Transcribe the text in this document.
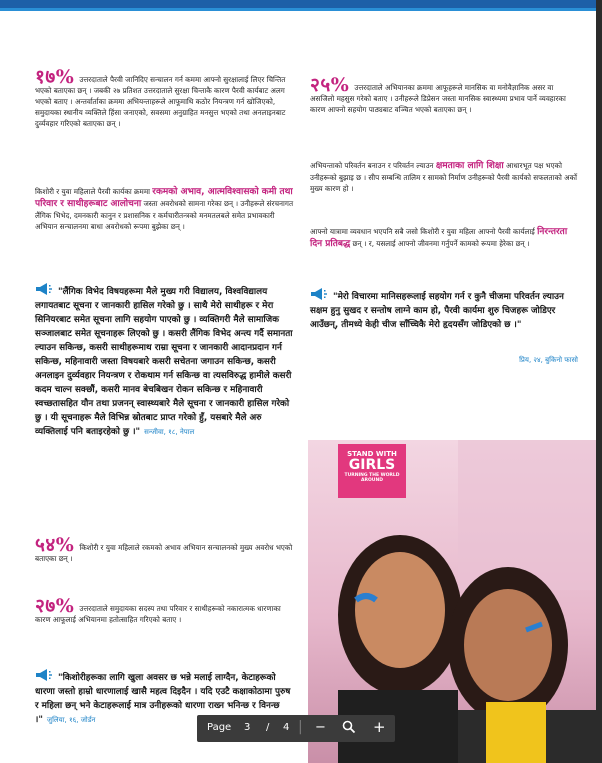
१७% उत्तरदाताले पैरवी जानिदिए सन्चालन गर्न कममा आफ्नो सुरक्षालाई लिएर चिन्तित भएको बताएका छन् । जबकी २७ प्रतिशत उत्तरदाताले सुरक्षा चिन्ताकै कारण पैरवी कार्यबाट अलग भएको बताए । अन्तर्वार्ताका क्रममा अभियन्ताहरूले आफूमाथि कठोर नियन्त्रण गर्न खोजिएको, समुदायका स्थानीय व्यक्तिले हिंसा जनाएको, सवसमा अनुग्राहित मनसुत्त भएको तथा अनलाइनबाट दुर्व्यवहार गरिएको बताएका छन् ।
किशोरी र युवा महिलाले पैरवी कार्यका क्रममा रकमको अभाव, आत्मविश्वासको कमी तथा परिवार र साथीहरूबाट आलोचना जस्ता अवरोधको सामना गरेका छन् । उनीहरूले संरचनागत लैंगिक भिभेद, दमनकारी कानुन र प्रशासनिक र कर्मचारीतन्त्रको मनमतलबले समेत प्रभावकारी अभियान सन्चालनमा बाधा अवरोधको रूपमा बुझेका छन् ।
"लैंगिक विभेद विषयहरूमा मैले मुख्य गरी विद्यालय, विश्वविद्यालय लगायतबाट सूचना र जानकारी हासिल गरेको छु । साथै मेरो साथीहरू र मेरा सिनियरबाट समेत सूचना लागि सहयोग पाएको छु । व्यक्तिगरी मैले सामाजिक सञ्जालबाट समेत सूचनाहरू लिएको छु । कसरी लैंगिक विभेद अन्त्य गर्दै समानता ल्याउन सकिन्छ, कसरी साथीहरूमाथ राम्रा सूचना र जानकारी आदानप्रदान गर्न सकिन्छ, महिनावारी जस्ता विषयबारे कसरी सचेतना जगाउन सकिन्छ, कसरी अनलाइन दुर्व्यवहार नियन्त्रण र रोकथाम गर्न सकिन्छ वा त्यसविरुद्ध हामीले कसरी कदम चाल्न सक्छौं, कसरी मानव बेचबिखन रोकन सकिन्छ र महिनावारी स्वच्छतासहित यौन तथा प्रजनन् स्वास्थ्यबारे मैले सूचना र जानकारी हासिल गरेको छु । यी सूचनाहरू मैले विभिन्न स्रोतबाट प्राप्त गरेको हुँ, यसबारे मैले अरु व्यक्तिलाई पनि बताइरहेको छु ।" सन्जीवा, १८, नेपाल
५४% किशोरी र युवा महिलाले रकमको अभाव अभियान सन्चालनको मुख्य अवरोध भएको बताएका छन् ।
२७% उत्तरदाताले समुदायका सदस्य तथा परिवार र साथीहरूको नकारात्मक धारणाका कारण आफूलाई अभियानमा हतोत्साहित गरिएको बताए ।
"किशोरीहरूका लागि खुला अवसर छ भन्ने मलाई लाग्दैन, केटाहरूको धारणा जस्तो हाम्रो धारणालाई खासै महत्व दिइदैन । यदि एउटै कक्षाकोठामा पुरुष र महिला छन् भने केटाहरूलाई मात्र उनीहरूको धारणा राख्न भनिन्छ र विनन्छ ।" जुलिया, १६, जोर्डन
२५% उत्तरदाताले अभियानका क्रममा आफूहरूले मानसिक वा मनोवैज्ञानिक असर वा असजिलो महसुस गरेको बताए । उनीहरूले डिप्रेसन जस्ता मानसिक स्वास्थ्यमा प्रभाव पार्ने व्यवहारका कारण आफ्नो सहयोग पाठ्यबाट वञ्चित भएको बताएका छन् ।
अभियन्ताको परिवर्तन बनाउन र परिवर्तन ल्याउन क्षमताका लागि शिक्षा आधारभूत पक्ष भएको उनीहरूको बुझाइ छ । सीप सम्बन्धि तालिम र सामको निर्माण उनीहरूको पैरवी कार्यको सफलताको अर्को मुख्य कारण हो ।
आफ्नो यात्रामा व्यवधान भएपनि सबै जसो किशोरी र युवा महिला आफ्नो पैरवी कार्यलाई निरन्तरता दिन प्रतिबद्ध छन् । र, यसलाई आफ्नो जीवनमा गर्नुपर्ने कामको रूपमा हेरेका छन् ।
"मेरो विचारमा मानिसहरूलाई सहयोग गर्न र कुनै चीजमा परिवर्तन ल्याउन सक्षम हुनु सुखद र सन्तोष लाग्ने काम हो, पैरवी कार्यमा शुरु चिजहरू जोडिएर आउँछन्, तीमध्ये केही चीज साँच्चिकै मेरो हृदयसँग जोडिएको छ ।"
प्रिय, २४, बुकिनो फासो
STAND WITH
GIRLS
TURNING THE WORLD AROUND
Page 3 / 4 | −	+
